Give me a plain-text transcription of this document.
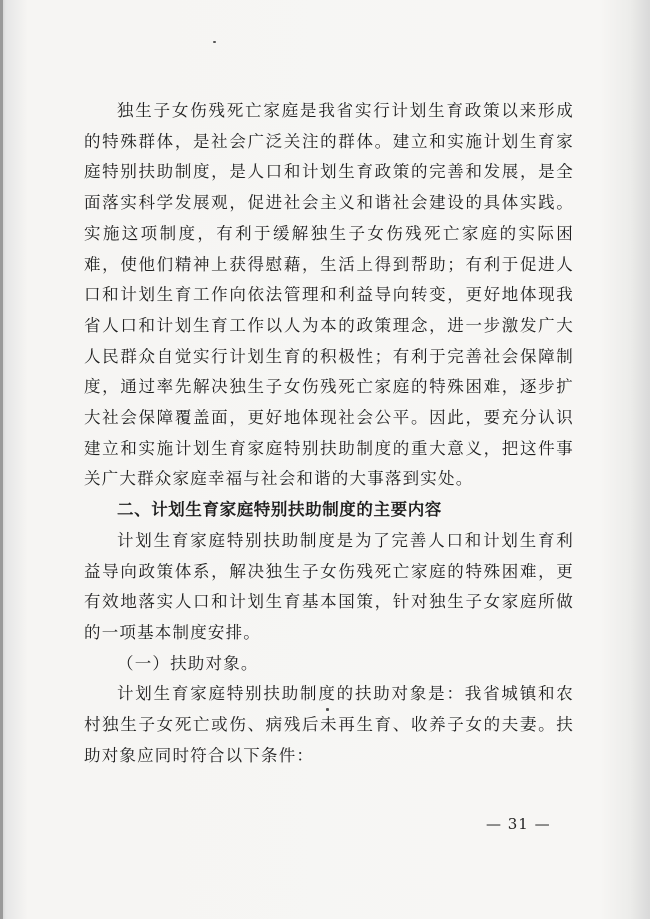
独生子女伤残死亡家庭是我省实行计划生育政策以来形成的特殊群体，是社会广泛关注的群体。建立和实施计划生育家庭特别扶助制度，是人口和计划生育政策的完善和发展，是全面落实科学发展观，促进社会主义和谐社会建设的具体实践。实施这项制度，有利于缓解独生子女伤残死亡家庭的实际困难，使他们精神上获得慰藉，生活上得到帮助；有利于促进人口和计划生育工作向依法管理和利益导向转变，更好地体现我省人口和计划生育工作以人为本的政策理念，进一步激发广大人民群众自觉实行计划生育的积极性；有利于完善社会保障制度，通过率先解决独生子女伤残死亡家庭的特殊困难，逐步扩大社会保障覆盖面，更好地体现社会公平。因此，要充分认识建立和实施计划生育家庭特别扶助制度的重大意义，把这件事关广大群众家庭幸福与社会和谐的大事落到实处。

二、计划生育家庭特别扶助制度的主要内容

计划生育家庭特别扶助制度是为了完善人口和计划生育利益导向政策体系，解决独生子女伤残死亡家庭的特殊困难，更有效地落实人口和计划生育基本国策，针对独生子女家庭所做的一项基本制度安排。

（一）扶助对象。

计划生育家庭特别扶助制度的扶助对象是：我省城镇和农村独生子女死亡或伤、病残后未再生育、收养子女的夫妻。扶助对象应同时符合以下条件：

— 31 —
